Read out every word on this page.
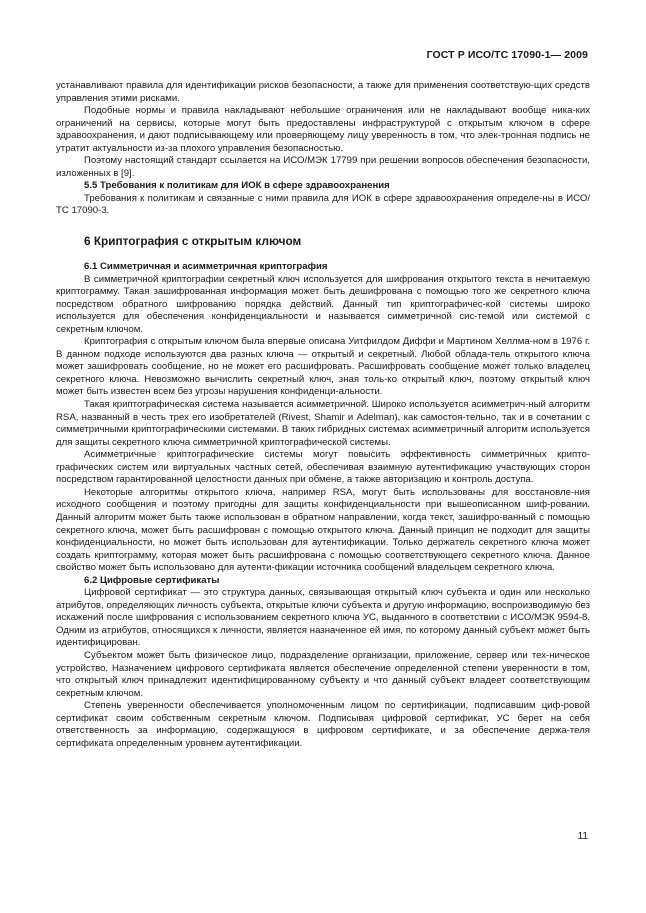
ГОСТ Р ИСО/ТС 17090-1— 2009

устанавливают правила для идентификации рисков безопасности, а также для применения соответствую-щих средств управления этими рисками.

Подобные нормы и правила накладывают небольшие ограничения или не накладывают вообще ника-ких ограничений на сервисы, которые могут быть предоставлены инфраструктурой с открытым ключом в сфере здравоохранения, и дают подписывающему или проверяющему лицу уверенность в том, что элек-тронная подпись не утратит актуальности из-за плохого управления безопасностью.

Поэтому настоящий стандарт ссылается на ИСО/МЭК 17799 при решении вопросов обеспечения безопасности, изложенных в [9].

5.5 Требования к политикам для ИОК в сфере здравоохранения

Требования к политикам и связанные с ними правила для ИОК в сфере здравоохранения определе-ны в ИСО/ТС 17090-3.

6 Криптография с открытым ключом

6.1 Симметричная и асимметричная криптография

В симметричной криптографии секретный ключ используется для шифрования открытого текста в нечитаемую криптограмму. Такая зашифрованная информация может быть дешифрована с помощью того же секретного ключа посредством обратного шифрованию порядка действий. Данный тип криптографичес-кой системы широко используется для обеспечения конфиденциальности и называется симметричной сис-темой или системой с секретным ключом.

Криптография с открытым ключом была впервые описана Уитфилдом Диффи и Мартином Хеллма-ном в 1976 г. В данном подходе используются два разных ключа — открытый и секретный. Любой облада-тель открытого ключа может зашифровать сообщение, но не может его расшифровать. Расшифровать сообщение может только владелец секретного ключа. Невозможно вычислить секретный ключ, зная толь-ко открытый ключ, поэтому открытый ключ может быть известен всем без угрозы нарушения конфиденци-альности.

Такая криптографическая система называется асимметричной. Широко используется асимметрич-ный алгоритм RSA, названный в честь трех его изобретателей (Rivest, Shamir и Adelman), как самостоя-тельно, так и в сочетании с симметричными криптографическими системами. В таких гибридных системах асимметричный алгоритм используется для защиты секретного ключа симметричной криптографической системы.

Асимметричные криптографические системы могут повысить эффективность симметричных крипто-графических систем или виртуальных частных сетей, обеспечивая взаимную аутентификацию участвующих сторон посредством гарантированной целостности данных при обмене, а также авторизацию и контроль доступа.

Некоторые алгоритмы открытого ключа, например RSA, могут быть использованы для восстановле-ния исходного сообщения и поэтому пригодны для защиты конфиденциальности при вышеописанном шиф-ровании. Данный алгоритм может быть также использован в обратном направлении, когда текст, зашифро-ванный с помощью секретного ключа, может быть расшифрован с помощью открытого ключа. Данный принцип не подходит для защиты конфиденциальности, но может быть использован для аутентификации. Только держатель секретного ключа может создать криптограмму, которая может быть расшифрована с помощью соответствующего секретного ключа. Данное свойство может быть использовано для аутенти-фикации источника сообщений владельцем секретного ключа.

6.2 Цифровые сертификаты

Цифровой сертификат — это структура данных, связывающая открытый ключ субъекта и один или несколько атрибутов, определяющих личность субъекта, открытые ключи субъекта и другую информацию, воспроизводимую без искажений после шифрования с использованием секретного ключа УС, выданного в соответствии с ИСО/МЭК 9594-8. Одним из атрибутов, относящихся к личности, является назначенное ей имя, по которому данный субъект может быть идентифицирован.

Субъектом может быть физическое лицо, подразделение организации, приложение, сервер или тех-ническое устройство. Назначением цифрового сертификата является обеспечение определенной степени уверенности в том, что открытый ключ принадлежит идентифицированному субъекту и что данный субъект владеет соответствующим секретным ключом.

Степень уверенности обеспечивается уполномоченным лицом по сертификации, подписавшим циф-ровой сертификат своим собственным секретным ключом. Подписывая цифровой сертификат, УС берет на себя ответственность за информацию, содержащуюся в цифровом сертификате, и за обеспечение держа-теля сертификата определенным уровнем аутентификации.

11
